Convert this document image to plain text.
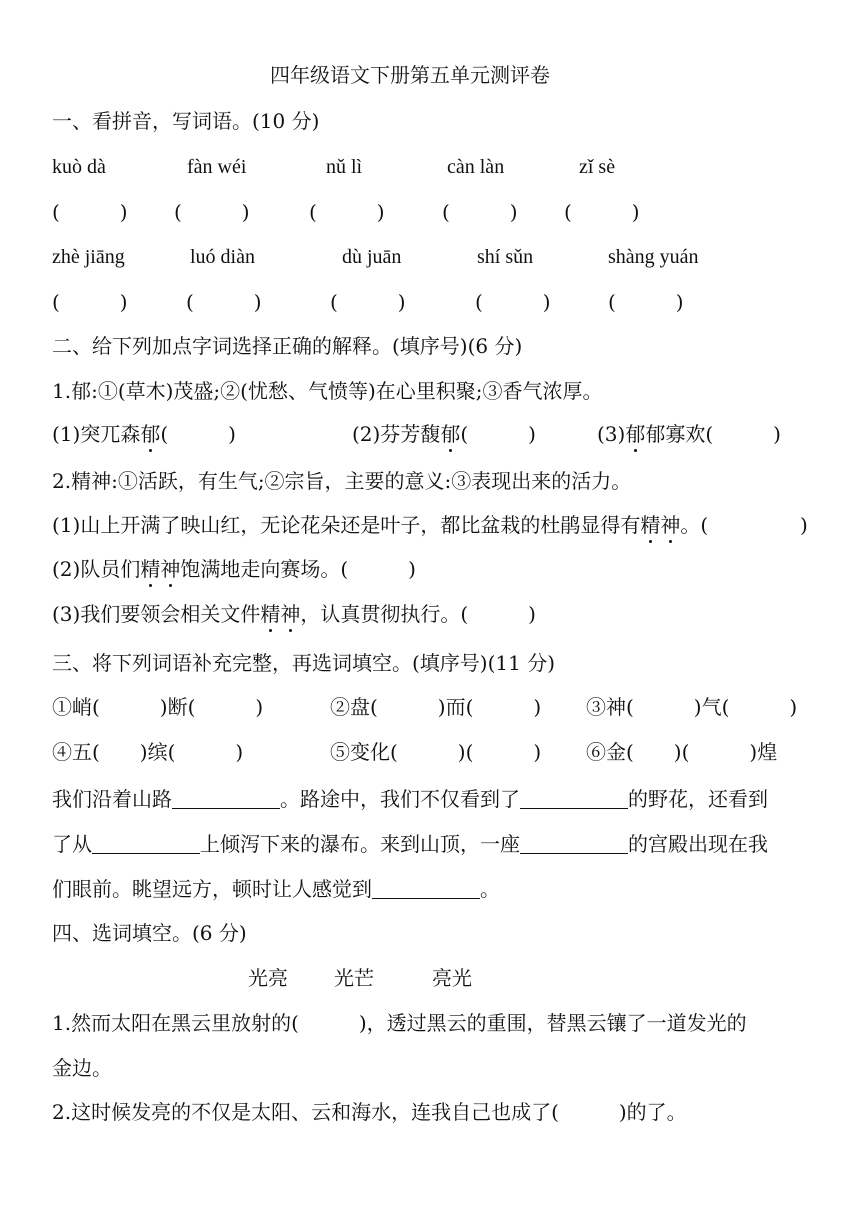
四年级语文下册第五单元测评卷
一、看拼音，写词语。(10 分)
kuò dà	fàn wéi	nǔ lì	càn làn	zǐ sè
(　　　) (　　　)	(　　　)	(　　　) (　　　)
zhè jiāng	luó diàn	dù juān	shí sǔn	shàng yuán
(　　　)	(　　　)	(　　　)	(　　　)	(　　　)
二、给下列加点字词选择正确的解释。(填序号)(6 分)
1.郁:①(草木)茂盛;②(忧愁、气愤等)在心里积聚;③香气浓厚。
(1)突兀森郁(　　　)	(2)芬芳馥郁(　　　)	(3)郁郁寡欢(　　　)
2.精神:①活跃，有生气;②宗旨，主要的意义:③表现出来的活力。
(1)山上开满了映山红，无论花朵还是叶子，都比盆栽的杜鹃显得有精神。(	)
(2)队员们精神饱满地走向赛场。(　　　)
(3)我们要领会相关文件精神，认真贯彻执行。(　　　)
三、将下列词语补充完整，再选词填空。(填序号)(11 分)
①峭(　　　)断(　　　)	②盘(　　　)而(　　　) ③神(　　　)气(　　　)
④五(　　)缤(　　　)	⑤变化(　　　)(　　　) ⑥金(　　)(　　　)煌
我们沿着山路	。路途中，我们不仅看到了	的野花，还看到
了从	上倾泻下来的瀑布。来到山顶，一座	的宫殿出现在我
们眼前。眺望远方，顿时让人感觉到	。
四、选词填空。(6 分)
光亮 光芒	亮光
1.然而太阳在黑云里放射的(　　　)，透过黑云的重围，替黑云镶了一道发光的
金边。
2.这时候发亮的不仅是太阳、云和海水，连我自己也成了(　　　)的了。
